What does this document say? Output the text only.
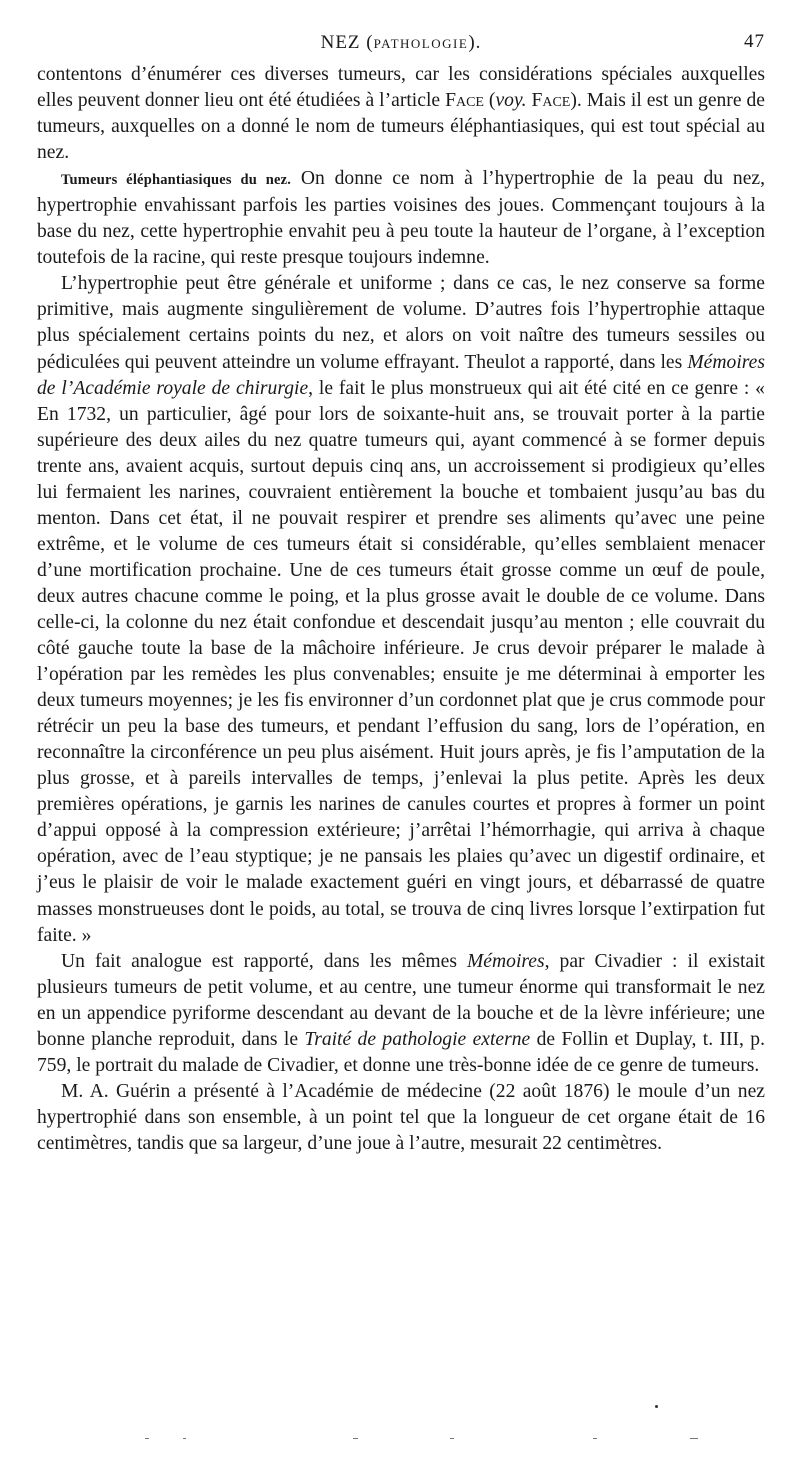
NEZ (PATHOLOGIE).	47

contentons d’énumérer ces diverses tumeurs, car les considérations spéciales auxquelles elles peuvent donner lieu ont été étudiées à l’article Face (voy. Face). Mais il est un genre de tumeurs, auxquelles on a donné le nom de tumeurs éléphantiasiques, qui est tout spécial au nez.

Tumeurs éléphantiasiques du nez. On donne ce nom à l’hypertrophie de la peau du nez, hypertrophie envahissant parfois les parties voisines des joues. Commençant toujours à la base du nez, cette hypertrophie envahit peu à peu toute la hauteur de l’organe, à l’exception toutefois de la racine, qui reste presque toujours indemne.

L’hypertrophie peut être générale et uniforme ; dans ce cas, le nez conserve sa forme primitive, mais augmente singulièrement de volume. D’autres fois l’hypertrophie attaque plus spécialement certains points du nez, et alors on voit naître des tumeurs sessiles ou pédiculées qui peuvent atteindre un volume effrayant. Theulot a rapporté, dans les Mémoires de l’Académie royale de chirurgie, le fait le plus monstrueux qui ait été cité en ce genre : « En 1732, un particulier, âgé pour lors de soixante-huit ans, se trouvait porter à la partie supérieure des deux ailes du nez quatre tumeurs qui, ayant commencé à se former depuis trente ans, avaient acquis, surtout depuis cinq ans, un accroissement si prodigieux qu’elles lui fermaient les narines, couvraient entièrement la bouche et tombaient jusqu’au bas du menton. Dans cet état, il ne pouvait respirer et prendre ses aliments qu’avec une peine extrême, et le volume de ces tumeurs était si considérable, qu’elles semblaient menacer d’une mortification prochaine. Une de ces tumeurs était grosse comme un œuf de poule, deux autres chacune comme le poing, et la plus grosse avait le double de ce volume. Dans celle-ci, la colonne du nez était confondue et descendait jusqu’au menton ; elle couvrait du côté gauche toute la base de la mâchoire inférieure. Je crus devoir préparer le malade à l’opération par les remèdes les plus convenables; ensuite je me déterminai à emporter les deux tumeurs moyennes; je les fis environner d’un cordonnet plat que je crus commode pour rétrécir un peu la base des tumeurs, et pendant l’effusion du sang, lors de l’opération, en reconnaître la circonférence un peu plus aisément. Huit jours après, je fis l’amputation de la plus grosse, et à pareils intervalles de temps, j’enlevai la plus petite. Après les deux premières opérations, je garnis les narines de canules courtes et propres à former un point d’appui opposé à la compression extérieure; j’arrêtai l’hémorrhagie, qui arriva à chaque opération, avec de l’eau styptique; je ne pansais les plaies qu’avec un digestif ordinaire, et j’eus le plaisir de voir le malade exactement guéri en vingt jours, et débarrassé de quatre masses monstrueuses dont le poids, au total, se trouva de cinq livres lorsque l’extirpation fut faite. »

Un fait analogue est rapporté, dans les mêmes Mémoires, par Civadier : il existait plusieurs tumeurs de petit volume, et au centre, une tumeur énorme qui transformait le nez en un appendice pyriforme descendant au devant de la bouche et de la lèvre inférieure; une bonne planche reproduit, dans le Traité de pathologie externe de Follin et Duplay, t. III, p. 759, le portrait du malade de Civadier, et donne une très-bonne idée de ce genre de tumeurs.

M. A. Guérin a présenté à l’Académie de médecine (22 août 1876) le moule d’un nez hypertrophié dans son ensemble, à un point tel que la longueur de cet organe était de 16 centimètres, tandis que sa largeur, d’une joue à l’autre, mesurait 22 centimètres.
